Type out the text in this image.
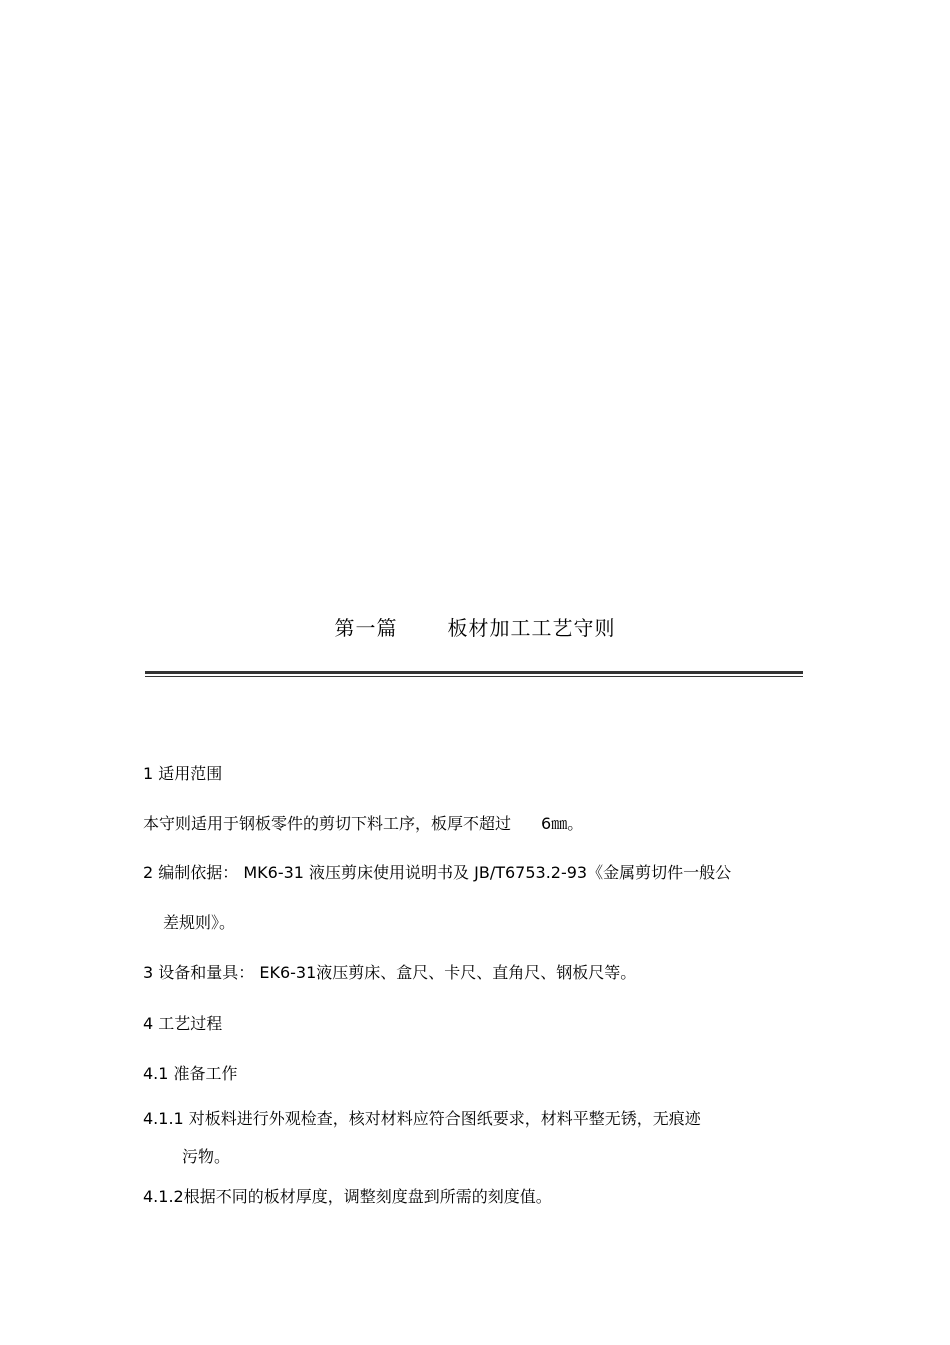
第一篇	板材加工工艺守则
1 适用范围
本守则适用于钢板零件的剪切下料工序，板厚不超过 6㎜。
2 编制依据： MK6-31 液压剪床使用说明书及 JB/T6753.2-93《金属剪切件一般公
差规则》。
3 设备和量具： EK6-31液压剪床、盒尺、卡尺、直角尺、钢板尺等。
4 工艺过程
4.1 准备工作
4.1.1 对板料进行外观检查，核对材料应符合图纸要求，材料平整无锈，无痕迹
污物。
4.1.2根据不同的板材厚度，调整刻度盘到所需的刻度值。
